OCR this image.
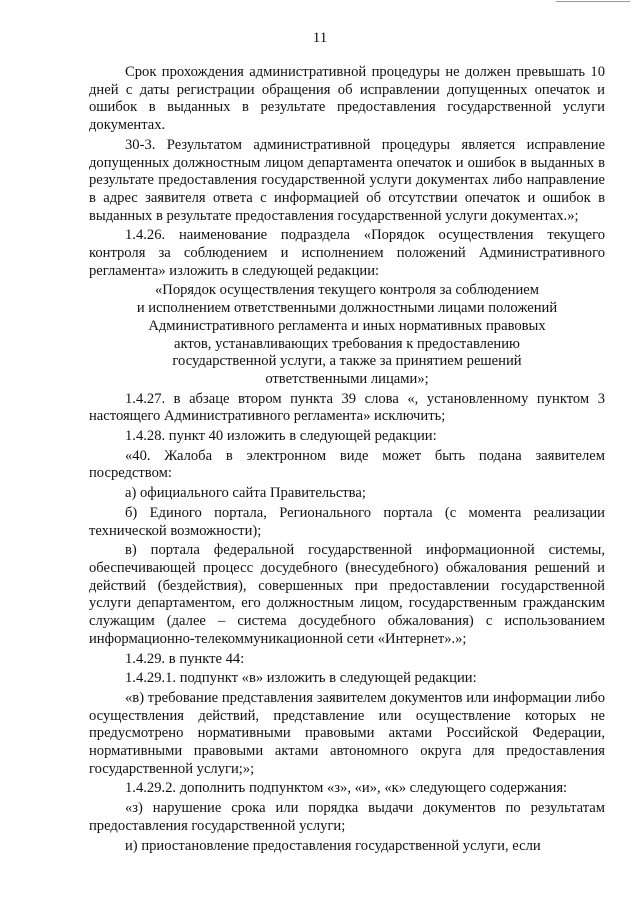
11

Срок прохождения административной процедуры не должен превышать 10 дней с даты регистрации обращения об исправлении допущенных опечаток и ошибок в выданных в результате предоставления государственной услуги документах.

30-3. Результатом административной процедуры является исправление допущенных должностным лицом департамента опечаток и ошибок в выданных в результате предоставления государственной услуги документах либо направление в адрес заявителя ответа с информацией об отсутствии опечаток и ошибок в выданных в результате предоставления государственной услуги документах.»;

1.4.26. наименование подраздела «Порядок осуществления текущего контроля за соблюдением и исполнением положений Административного регламента» изложить в следующей редакции:

«Порядок осуществления текущего контроля за соблюдением

и исполнением ответственными должностными лицами положений

Административного регламента и иных нормативных правовых

актов, устанавливающих требования к предоставлению

государственной услуги, а также за принятием решений

ответственными лицами»;

1.4.27. в абзаце втором пункта 39 слова «, установленному пунктом 3 настоящего Административного регламента» исключить;

1.4.28. пункт 40 изложить в следующей редакции:

«40. Жалоба в электронном виде может быть подана заявителем посредством:

а) официального сайта Правительства;

б) Единого портала, Регионального портала (с момента реализации технической возможности);

в) портала федеральной государственной информационной системы, обеспечивающей процесс досудебного (внесудебного) обжалования решений и действий (бездействия), совершенных при предоставлении государственной услуги департаментом, его должностным лицом, государственным гражданским служащим (далее – система досудебного обжалования) с использованием информационно-телекоммуникационной сети «Интернет».»;

1.4.29. в пункте 44:

1.4.29.1. подпункт «в» изложить в следующей редакции:

«в) требование представления заявителем документов или информации либо осуществления действий, представление или осуществление которых не предусмотрено нормативными правовыми актами Российской Федерации, нормативными правовыми актами автономного округа для предоставления государственной услуги;»;

1.4.29.2. дополнить подпунктом «з», «и», «к» следующего содержания:

«з) нарушение срока или порядка выдачи документов по результатам предоставления государственной услуги;

и) приостановление предоставления государственной услуги, если
